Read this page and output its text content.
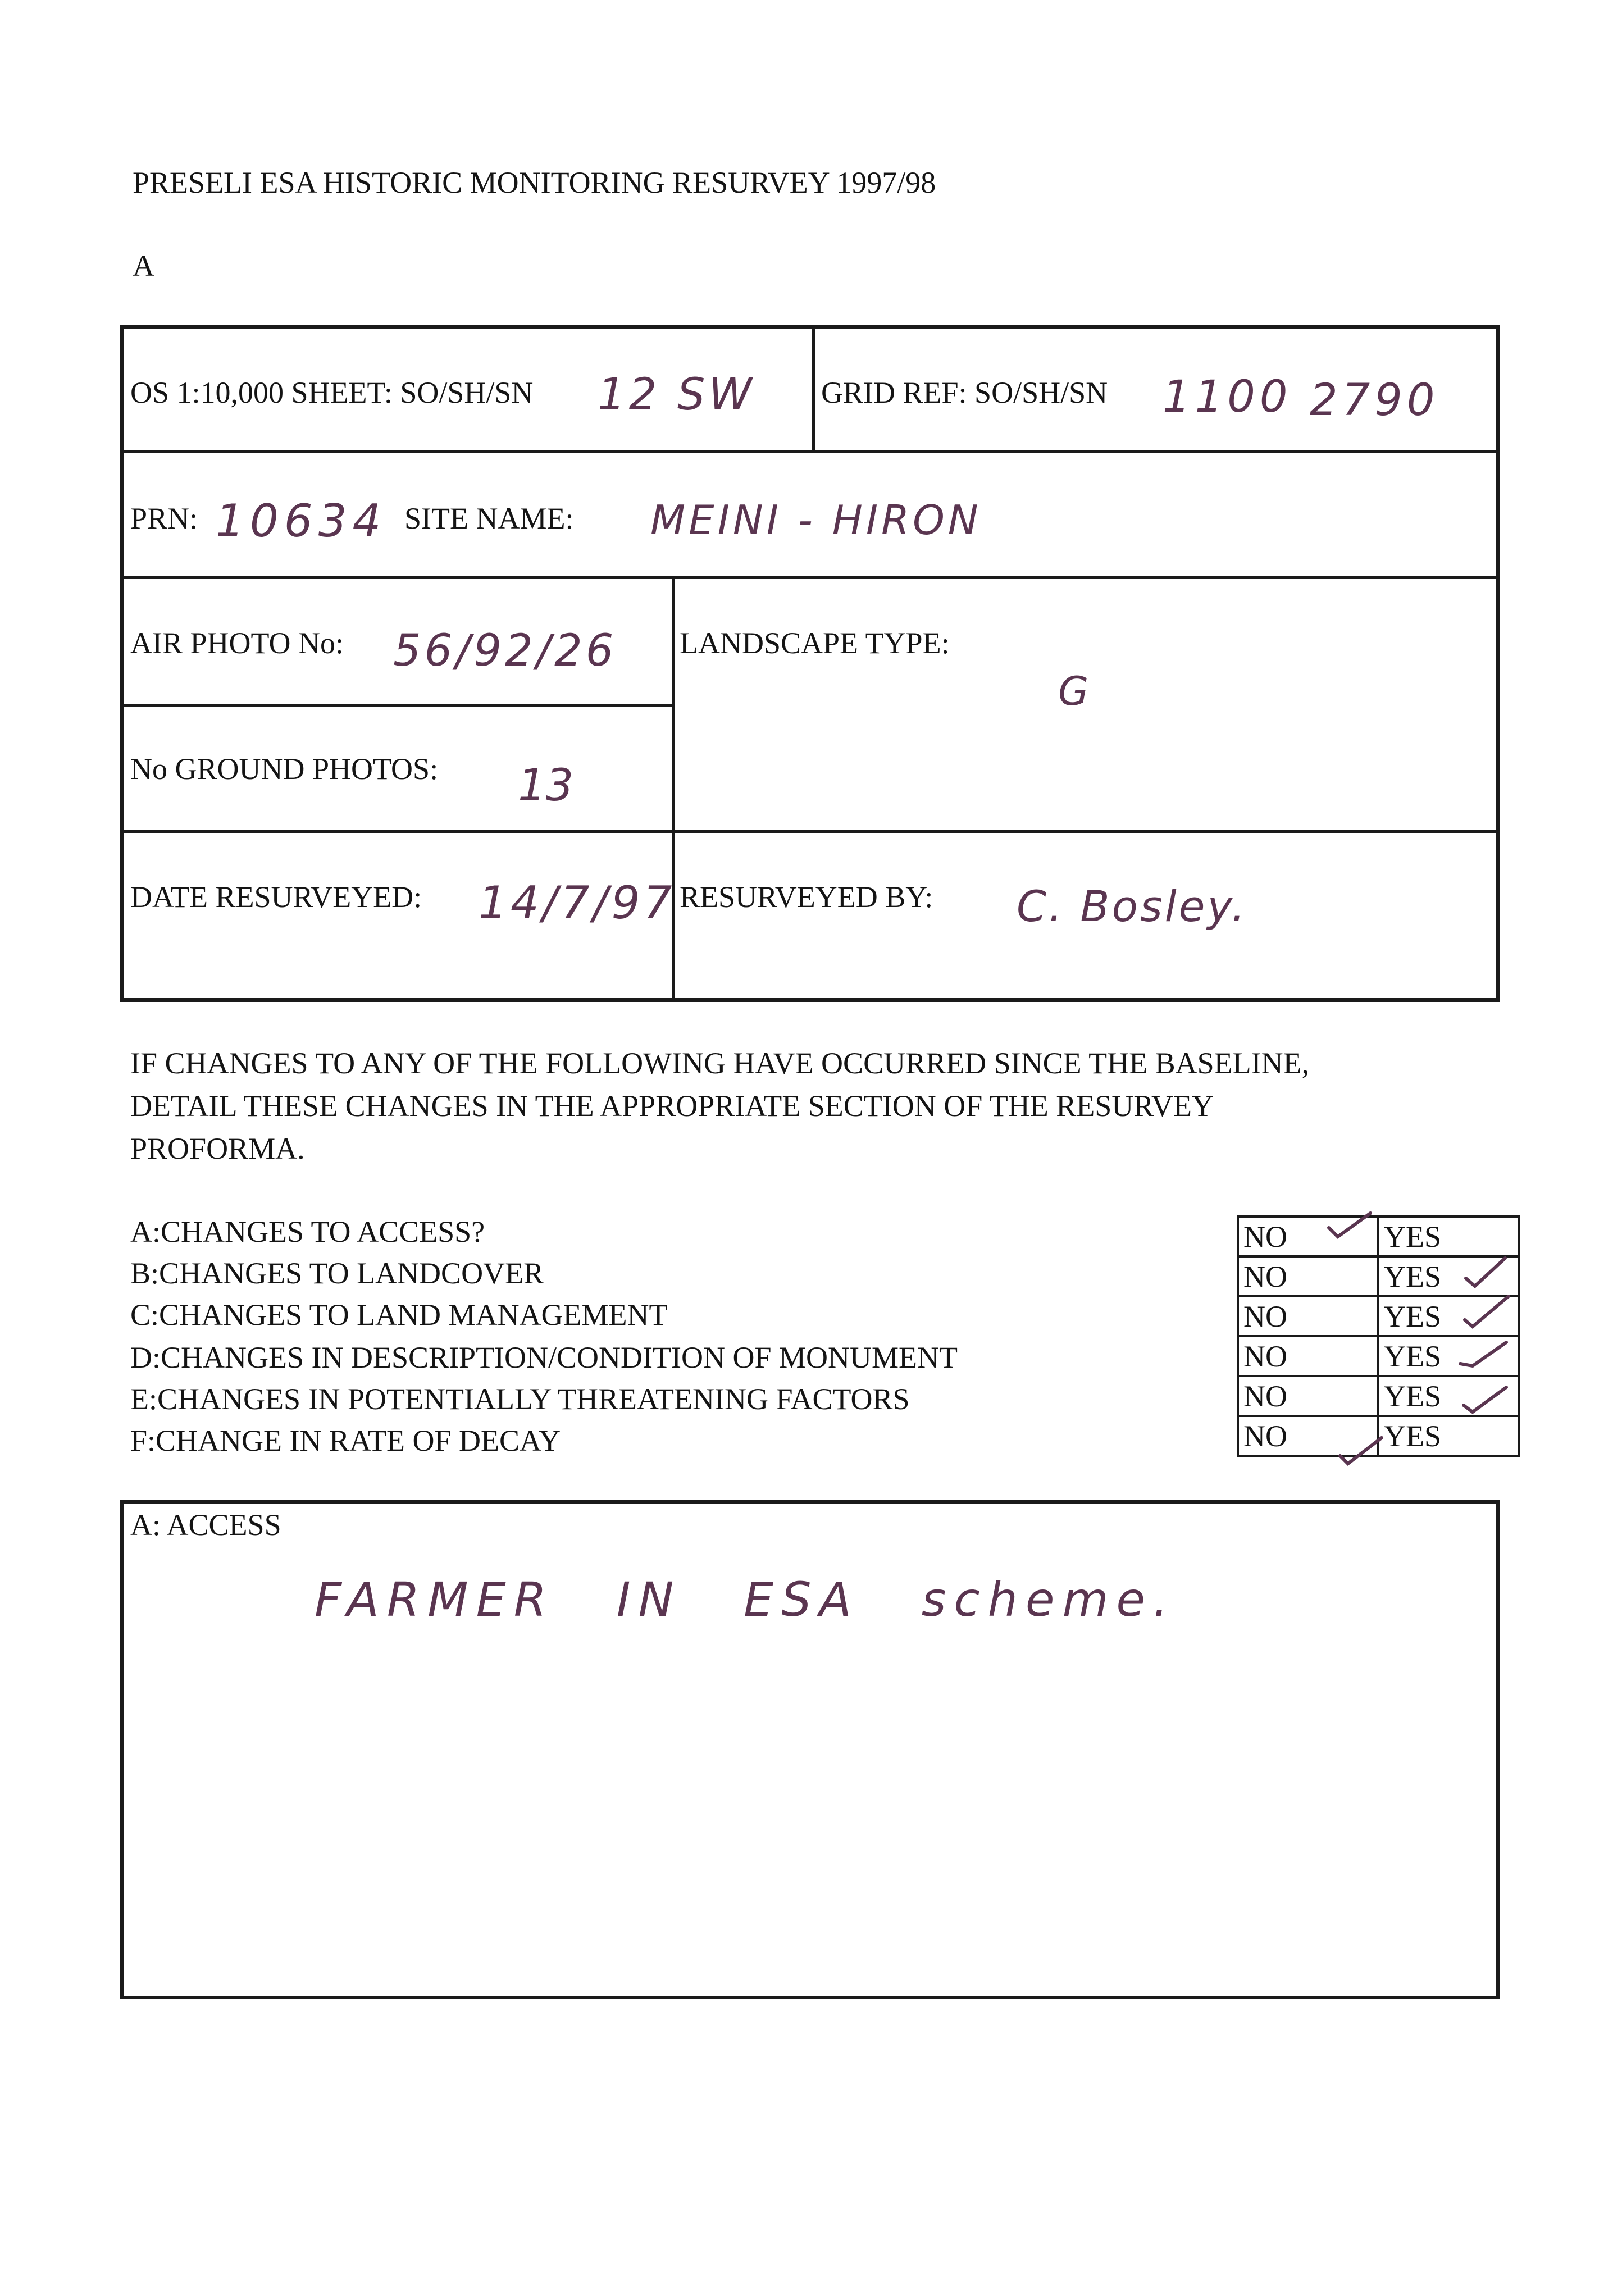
PRESELI ESA HISTORIC MONITORING RESURVEY 1997/98
A
OS 1:10,000 SHEET: SO/SH/SN 12 SW GRID REF: SO/SH/SN 1100 2790
PRN: 10634 SITE NAME: MEINI - HIRON
AIR PHOTO No: 56/92/26 LANDSCAPE TYPE:
G
No GROUND PHOTOS: 13
DATE RESURVEYED: 14/7/97 RESURVEYED BY: C. Bosley.
IF CHANGES TO ANY OF THE FOLLOWING HAVE OCCURRED SINCE THE BASELINE,
DETAIL THESE CHANGES IN THE APPROPRIATE SECTION OF THE RESURVEY
PROFORMA.
A:CHANGES TO ACCESS?
B:CHANGES TO LANDCOVER
C:CHANGES TO LAND MANAGEMENT
D:CHANGES IN DESCRIPTION/CONDITION OF MONUMENT
E:CHANGES IN POTENTIALLY THREATENING FACTORS
F:CHANGE IN RATE OF DECAY
NO	YES
NO	YES
NO	YES
NO	YES
NO	YES
NO	YES
A: ACCESS
FARMER IN ESA scheme.
